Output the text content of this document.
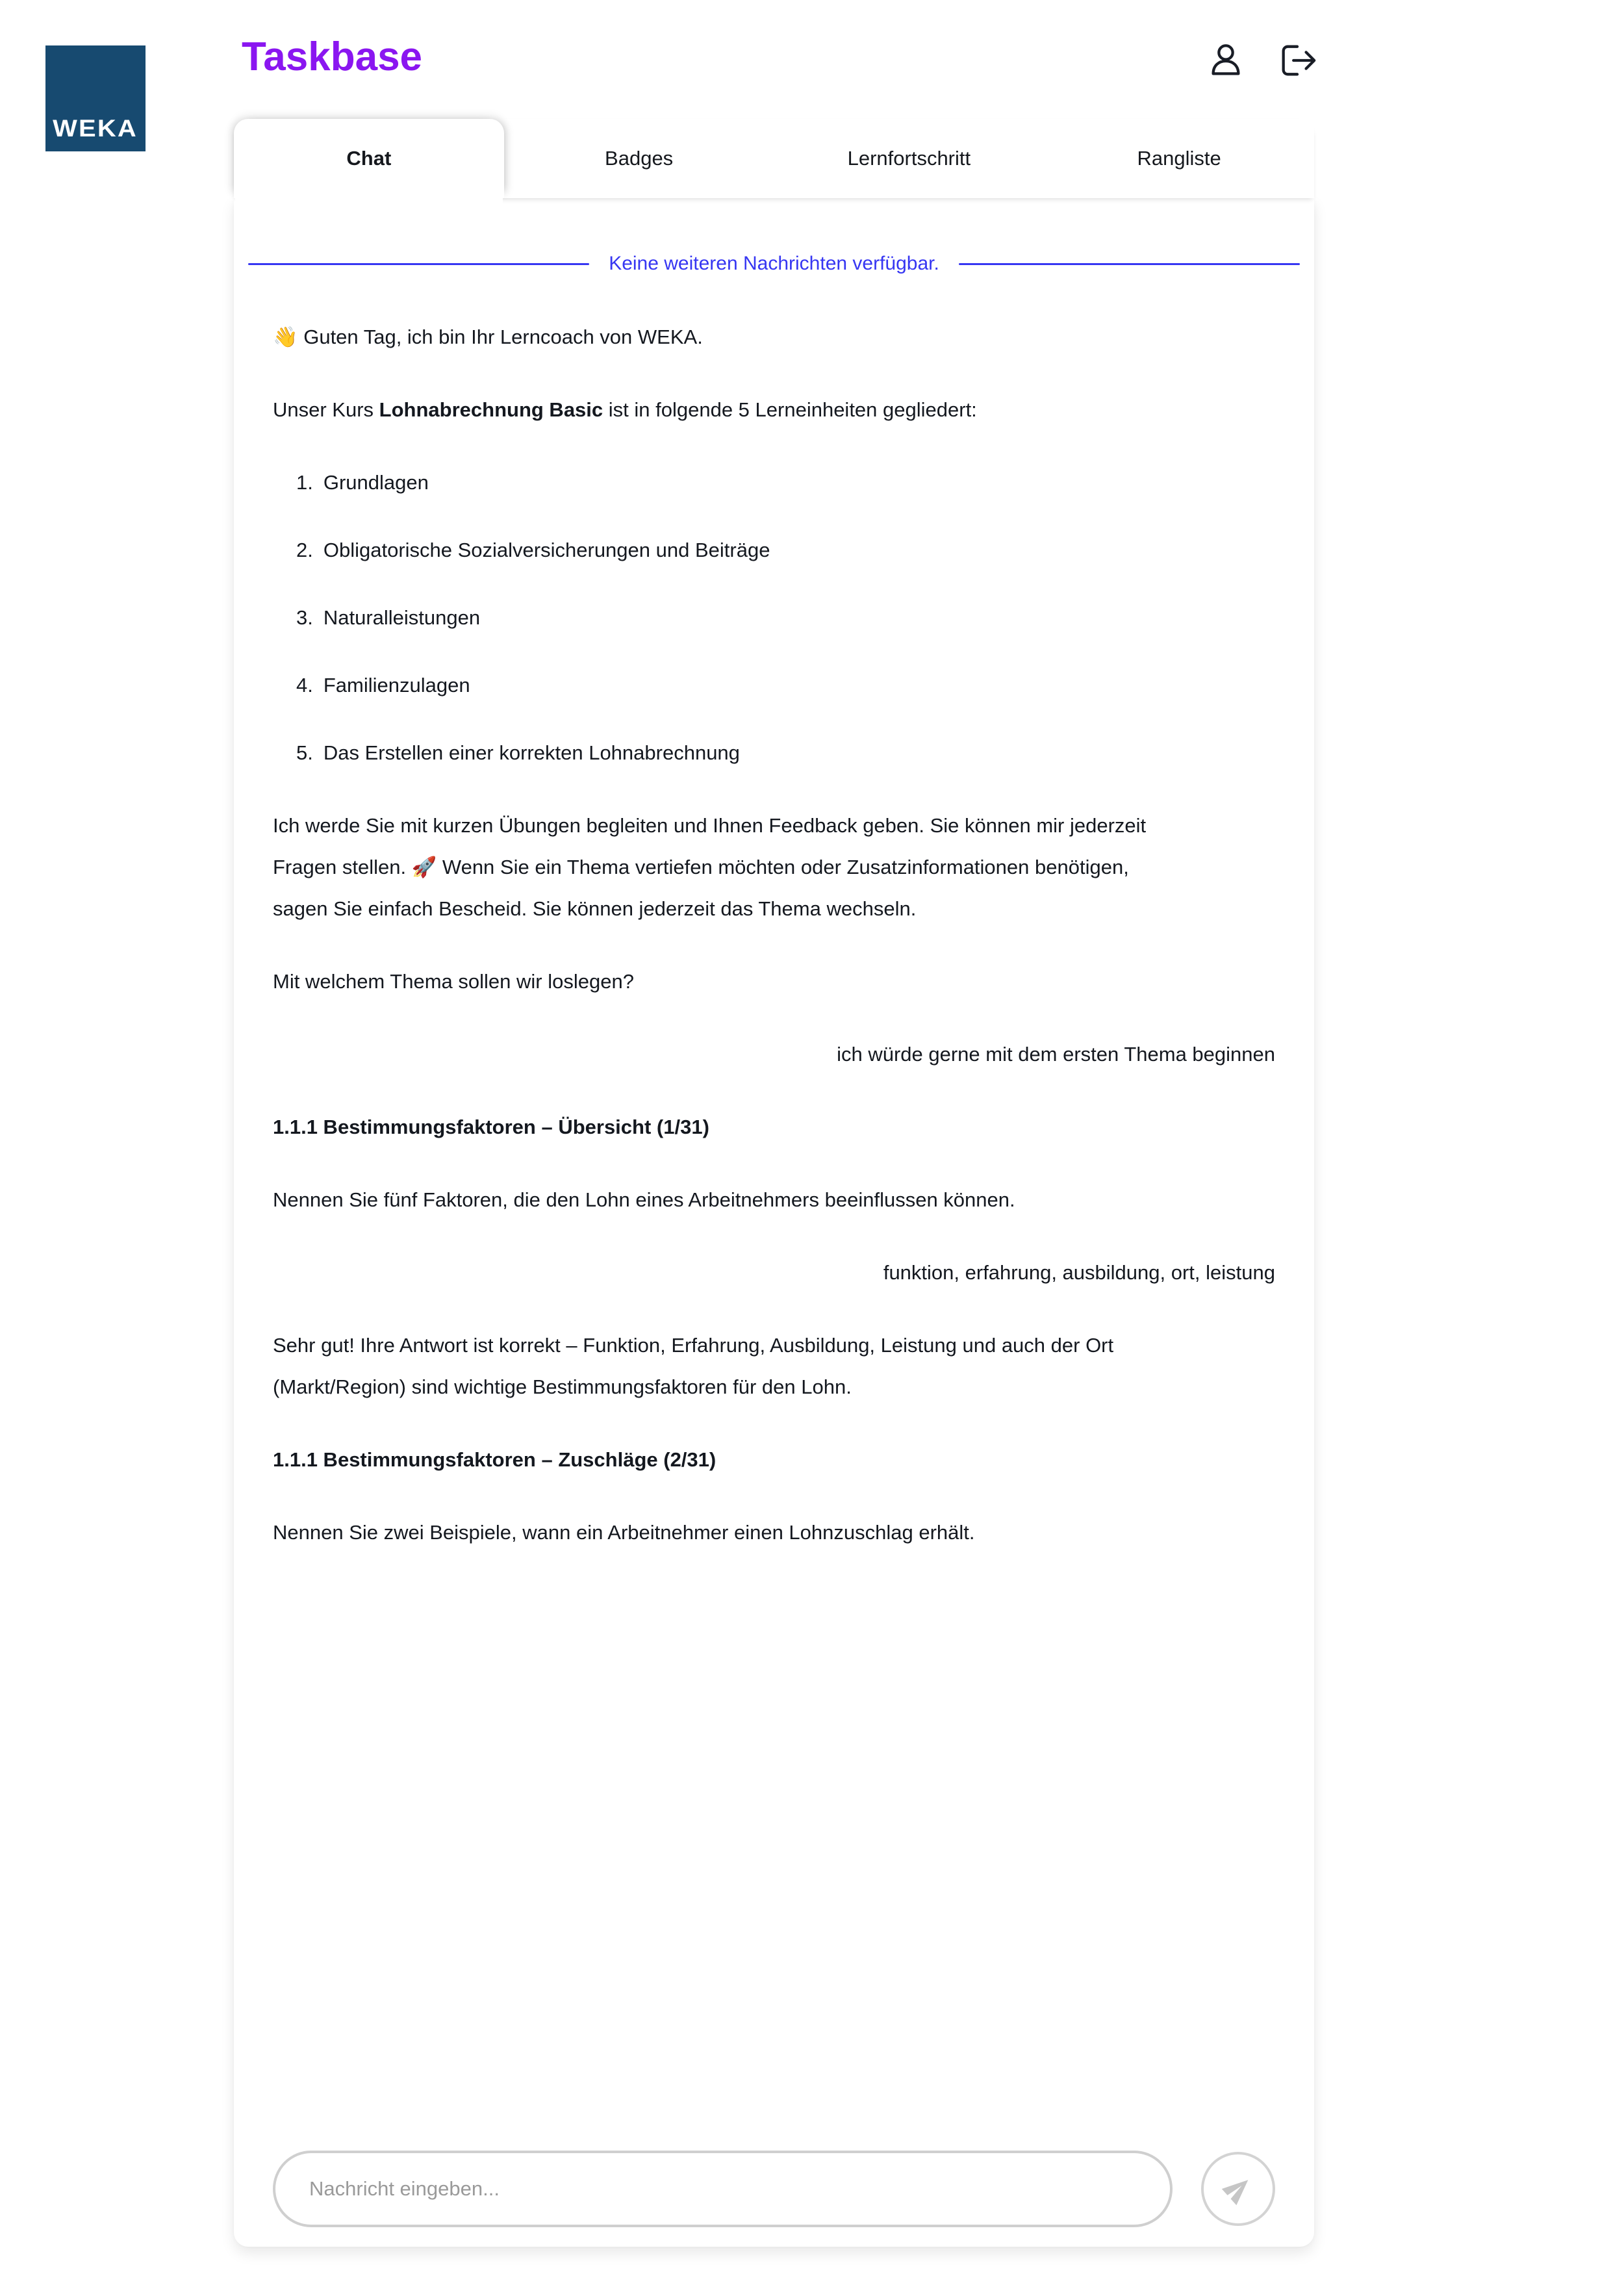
WEKA
Taskbase
Chat	Badges	Lernfortschritt	Rangliste
Keine weiteren Nachrichten verfügbar.
👋 Guten Tag, ich bin Ihr Lerncoach von WEKA.
Unser Kurs Lohnabrechnung Basic ist in folgende 5 Lerneinheiten gegliedert:
1. Grundlagen
2. Obligatorische Sozialversicherungen und Beiträge
3. Naturalleistungen
4. Familienzulagen
5. Das Erstellen einer korrekten Lohnabrechnung
Ich werde Sie mit kurzen Übungen begleiten und Ihnen Feedback geben. Sie können mir jederzeit Fragen stellen. 🚀 Wenn Sie ein Thema vertiefen möchten oder Zusatzinformationen benötigen, sagen Sie einfach Bescheid. Sie können jederzeit das Thema wechseln.
Mit welchem Thema sollen wir loslegen?
ich würde gerne mit dem ersten Thema beginnen
1.1.1 Bestimmungsfaktoren – Übersicht (1/31)
Nennen Sie fünf Faktoren, die den Lohn eines Arbeitnehmers beeinflussen können.
funktion, erfahrung, ausbildung, ort, leistung
Sehr gut! Ihre Antwort ist korrekt – Funktion, Erfahrung, Ausbildung, Leistung und auch der Ort (Markt/Region) sind wichtige Bestimmungsfaktoren für den Lohn.
1.1.1 Bestimmungsfaktoren – Zuschläge (2/31)
Nennen Sie zwei Beispiele, wann ein Arbeitnehmer einen Lohnzuschlag erhält.
Nachricht eingeben...
